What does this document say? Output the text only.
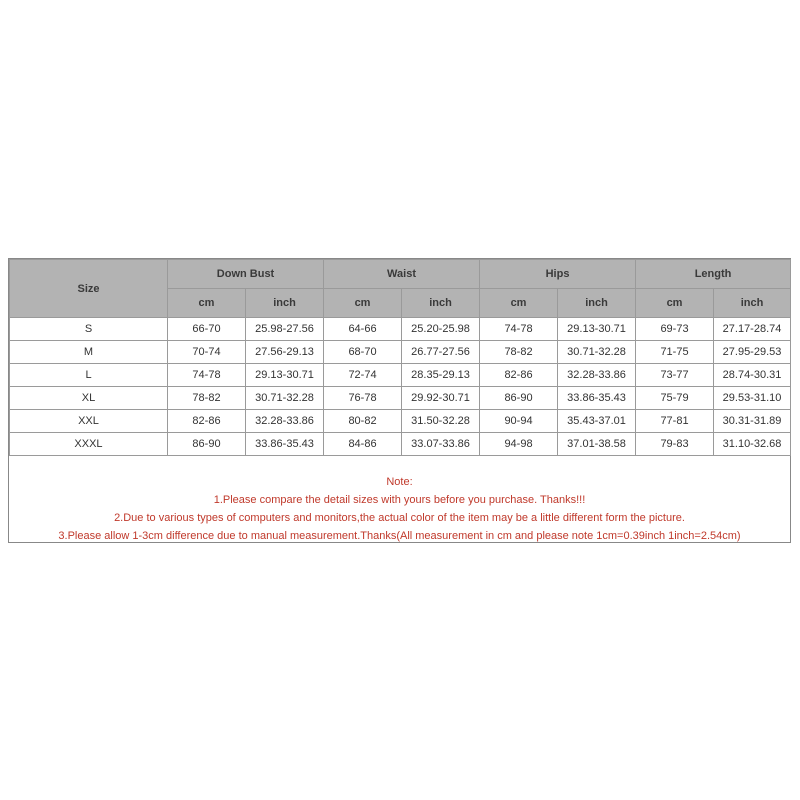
Size	Down Bust		Waist		Hips		Length	
	cm	inch	cm	inch	cm	inch	cm	inch
S	66-70	25.98-27.56	64-66	25.20-25.98	74-78	29.13-30.71	69-73	27.17-28.74
M	70-74	27.56-29.13	68-70	26.77-27.56	78-82	30.71-32.28	71-75	27.95-29.53
L	74-78	29.13-30.71	72-74	28.35-29.13	82-86	32.28-33.86	73-77	28.74-30.31
XL	78-82	30.71-32.28	76-78	29.92-30.71	86-90	33.86-35.43	75-79	29.53-31.10
XXL	82-86	32.28-33.86	80-82	31.50-32.28	90-94	35.43-37.01	77-81	30.31-31.89
XXXL	86-90	33.86-35.43	84-86	33.07-33.86	94-98	37.01-38.58	79-83	31.10-32.68
Note:
1.Please compare the detail sizes with yours before you purchase. Thanks!!!
2.Due to various types of computers and monitors,the actual color of the item may be a little different form the picture.
3.Please allow 1-3cm difference due to manual measurement.Thanks(All measurement in cm and please note 1cm=0.39inch 1inch=2.54cm)
